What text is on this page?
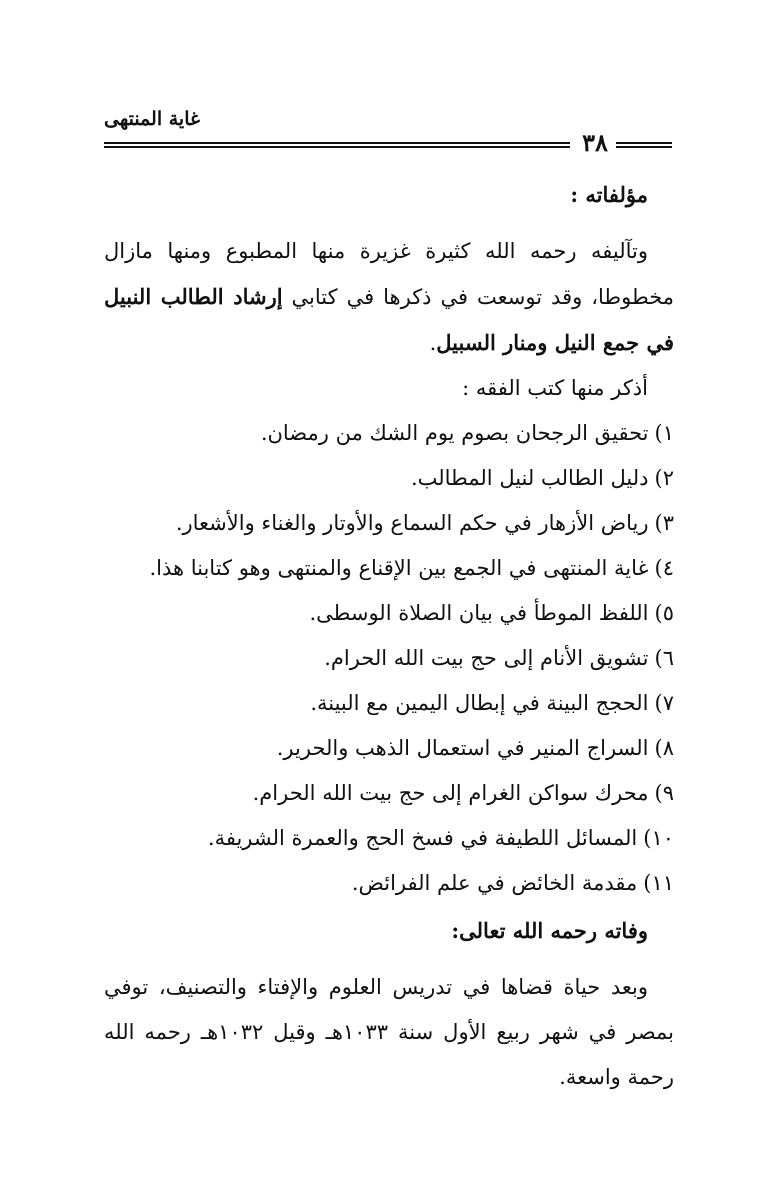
غاية المنتهى
٣٨
مؤلفاته :

وتآليفه رحمه الله كثيرة غزيرة منها المطبوع ومنها مازال مخطوطا، وقد توسعت في ذكرها في كتابي إرشاد الطالب النبيل في جمع النيل ومنار السبيل.

أذكر منها كتب الفقه :

١)تحقيق الرجحان بصوم يوم الشك من رمضان.
٢)دليل الطالب لنيل المطالب.
٣)رياض الأزهار في حكم السماع والأوتار والغناء والأشعار.
٤)غاية المنتهى في الجمع بين الإقناع والمنتهى وهو كتابنا هذا.
٥)اللفظ الموطأ في بيان الصلاة الوسطى.
٦)تشويق الأنام إلى حج بيت الله الحرام.
٧)الحجج البينة في إبطال اليمين مع البينة.
٨)السراج المنير في استعمال الذهب والحرير.
٩)محرك سواكن الغرام إلى حج بيت الله الحرام.
١٠)المسائل اللطيفة في فسخ الحج والعمرة الشريفة.
١١)مقدمة الخائض في علم الفرائض.
وفاته رحمه الله تعالى:

وبعد حياة قضاها في تدريس العلوم والإفتاء والتصنيف، توفي بمصر في شهر ربيع الأول سنة ١٠٣٣هـ وقيل ١٠٣٢هـ رحمه الله رحمة واسعة.
